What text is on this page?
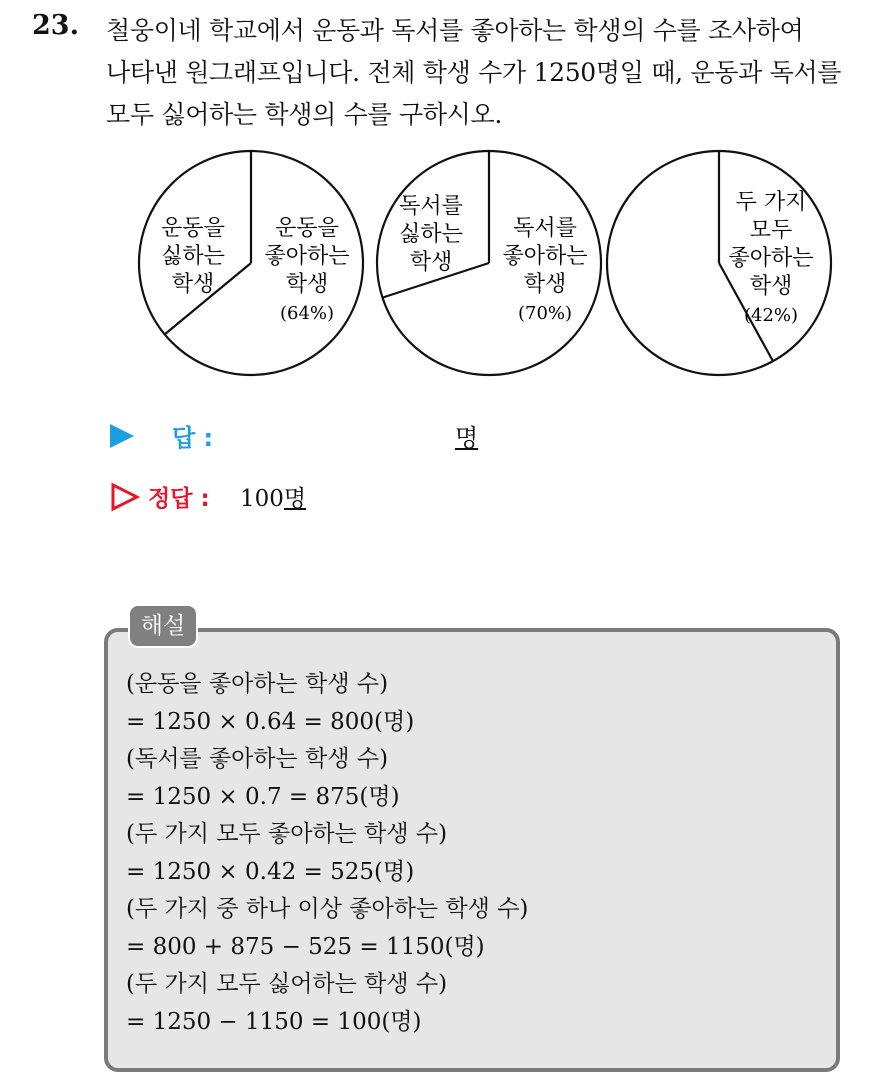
23. 철웅이네 학교에서 운동과 독서를 좋아하는 학생의 수를 조사하여
나타낸 원그래프입니다. 전체 학생 수가 1250명일 때, 운동과 독서를
모두 싫어하는 학생의 수를 구하시오.
운동을
싫하는
학생
운동을
좋아하는
학생
(64%)
독서를
싫하는
학생
독서를
좋아하는
학생
(70%)
두 가지
모두
좋아하는
학생
(42%)
답 :	명
정답 : 100명
해설
(운동을 좋아하는 학생 수)
= 1250 × 0.64 = 800(명)
(독서를 좋아하는 학생 수)
= 1250 × 0.7 = 875(명)
(두 가지 모두 좋아하는 학생 수)
= 1250 × 0.42 = 525(명)
(두 가지 중 하나 이상 좋아하는 학생 수)
= 800 + 875 − 525 = 1150(명)
(두 가지 모두 싫어하는 학생 수)
= 1250 − 1150 = 100(명)
